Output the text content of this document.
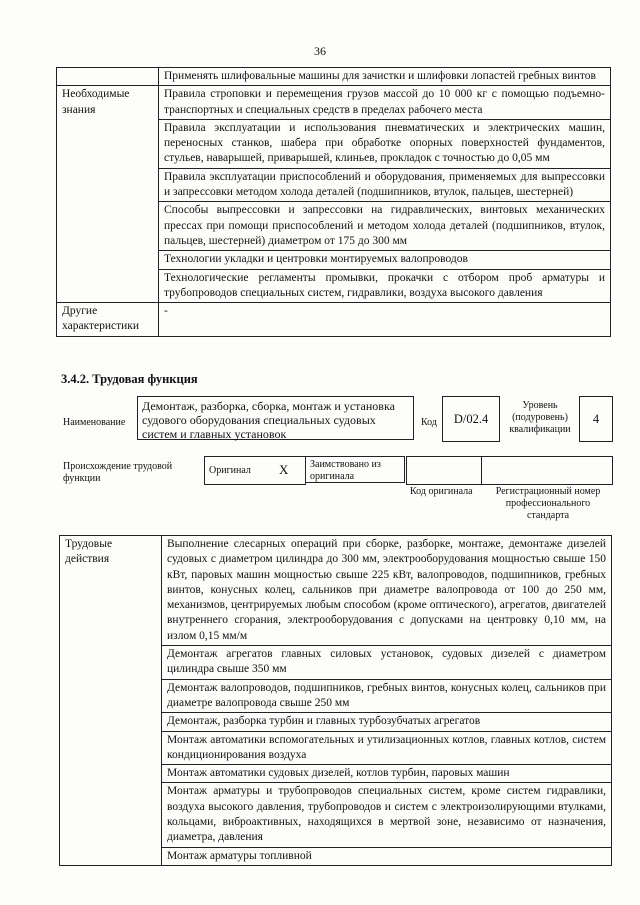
36
	Применять шлифовальные машины для зачистки и шлифовки лопастей гребных винтов
Необходимые знания	Правила строповки и перемещения грузов массой до 10 000 кг с помощью подъемно-транспортных и специальных средств в пределах рабочего места
	Правила эксплуатации и использования пневматических и электрических машин, переносных станков, шабера при обработке опорных поверхностей фундаментов, стульев, наварышей, приварышей, клиньев, прокладок с точностью до 0,05 мм
	Правила эксплуатации приспособлений и оборудования, применяемых для выпрессовки и запрессовки методом холода деталей (подшипников, втулок, пальцев, шестерней)
	Способы выпрессовки и запрессовки на гидравлических, винтовых механических прессах при помощи приспособлений и методом холода деталей (подшипников, втулок, пальцев, шестерней) диаметром от 175 до 300 мм
	Технологии укладки и центровки монтируемых валопроводов
	Технологические регламенты промывки, прокачки с отбором проб арматуры и трубопроводов специальных систем, гидравлики, воздуха высокого давления
Другие характеристики	-
3.4.2. Трудовая функция
Наименование
Демонтаж, разборка, сборка, монтаж и установка судового оборудования специальных судовых систем и главных установок
Код	D/02.4
Уровень (подуровень) квалификации
4
Происхождение трудовой функции
Оригинал X	Заимствовано из оригинала
Код оригинала	Регистрационный номер профессионального стандарта
Трудовые действия	Выполнение слесарных операций при сборке, разборке, монтаже, демонтаже дизелей судовых с диаметром цилиндра до 300 мм, электрооборудования мощностью свыше 150 кВт, паровых машин мощностью свыше 225 кВт, валопроводов, подшипников, гребных винтов, конусных колец, сальников при диаметре валопровода от 100 до 250 мм, механизмов, центрируемых любым способом (кроме оптического), агрегатов, двигателей внутреннего сгорания, электрооборудования с допусками на центровку 0,10 мм, на излом 0,15 мм/м
Демонтаж агрегатов главных силовых установок, судовых дизелей с диаметром цилиндра свыше 350 мм
Демонтаж валопроводов, подшипников, гребных винтов, конусных колец, сальников при диаметре валопровода свыше 250 мм
Демонтаж, разборка турбин и главных турбозубчатых агрегатов
Монтаж автоматики вспомогательных и утилизационных котлов, главных котлов, систем кондиционирования воздуха
Монтаж автоматики судовых дизелей, котлов турбин, паровых машин
Монтаж арматуры и трубопроводов специальных систем, кроме систем гидравлики, воздуха высокого давления, трубопроводов и систем с электроизолирующими втулками, кольцами, виброактивных, находящихся в мертвой зоне, независимо от назначения, диаметра, давления
Монтаж арматуры топливной
